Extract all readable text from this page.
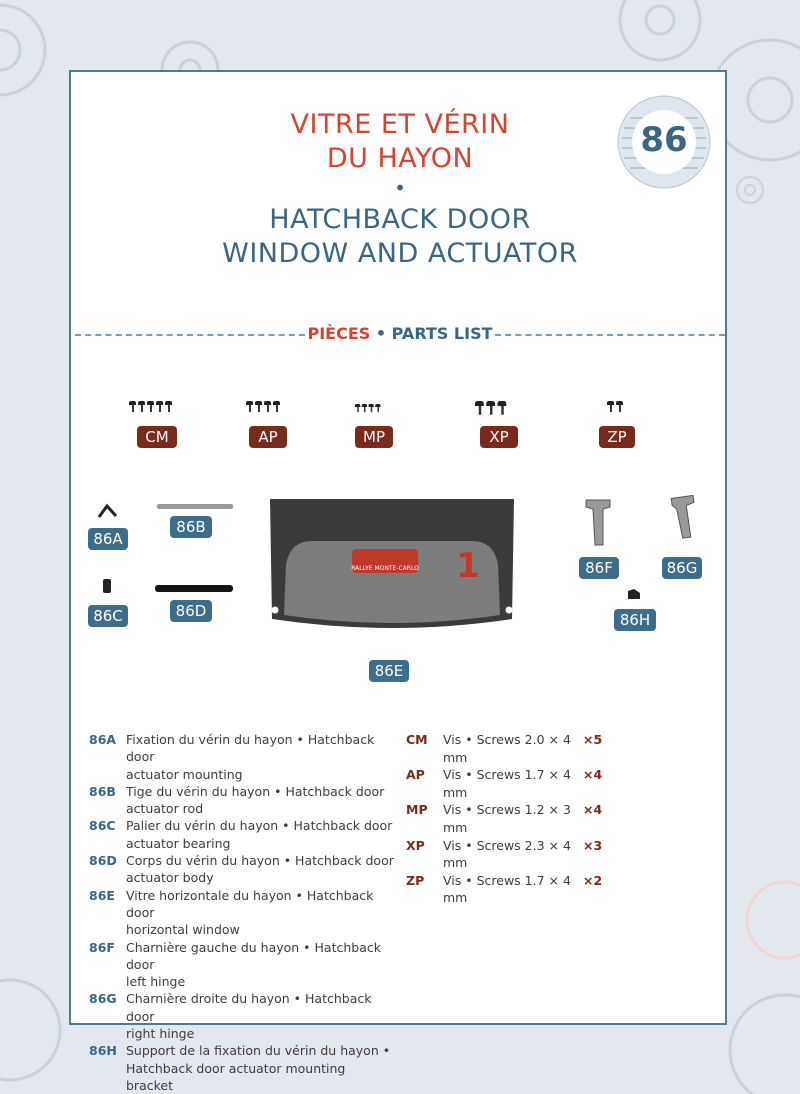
86
VITRE ET VÉRIN
DU HAYON
•
HATCHBACK DOOR
WINDOW AND ACTUATOR
PIÈCES • PARTS LIST
CM	AP	MP	XP	ZP
86A
86B
86C	86D
RALLYE MONTE-CARLO 1
86E
86F	86G
86H
86A Fixation du vérin du hayon • Hatchback door
actuator mounting
86B Tige du vérin du hayon • Hatchback door
actuator rod
86C Palier du vérin du hayon • Hatchback door
actuator bearing
86D Corps du vérin du hayon • Hatchback door
actuator body
86E Vitre horizontale du hayon • Hatchback door
horizontal window
86F Charnière gauche du hayon • Hatchback door
left hinge
86G Charnière droite du hayon • Hatchback door
right hinge
86H Support de la fixation du vérin du hayon •
Hatchback door actuator mounting bracket
CM	Vis • Screws 2.0 × 4 mm
×5
AP	Vis • Screws 1.7 × 4 mm
×4
MP	Vis • Screws 1.2 × 3 mm
×4
XP	Vis • Screws 2.3 × 4 mm
×3
ZP	Vis • Screws 1.7 × 4 mm
×2
